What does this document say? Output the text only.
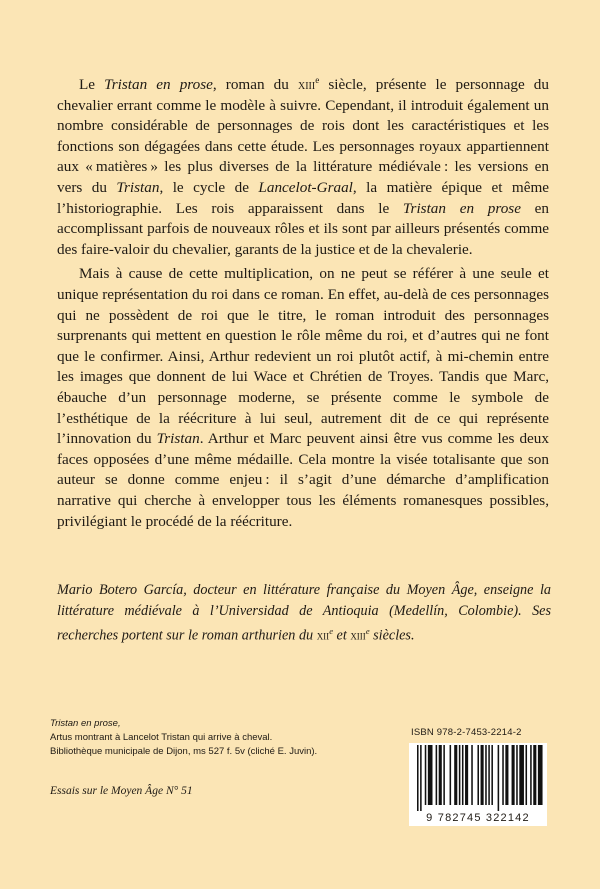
Le Tristan en prose, roman du xiii$^e$ siècle, présente le personnage du chevalier errant comme le modèle à suivre. Cependant, il introduit également un nombre considérable de personnages de rois dont les caractéristiques et les fonctions son dégagées dans cette étude. Les personnages royaux appartiennent aux « matières » les plus diverses de la littérature médiévale : les versions en vers du Tristan, le cycle de Lancelot-Graal, la matière épique et même l’historiographie. Les rois apparaissent dans le Tristan en prose en accomplissant parfois de nouveaux rôles et ils sont par ailleurs présentés comme des faire-valoir du chevalier, garants de la justice et de la chevalerie.

Mais à cause de cette multiplication, on ne peut se référer à une seule et unique représentation du roi dans ce roman. En effet, au-delà de ces personnages qui ne possèdent de roi que le titre, le roman introduit des personnages surprenants qui mettent en question le rôle même du roi, et d’autres qui ne font que le confirmer. Ainsi, Arthur redevient un roi plutôt actif, à mi-chemin entre les images que donnent de lui Wace et Chrétien de Troyes. Tandis que Marc, ébauche d’un personnage moderne, se présente comme le symbole de l’esthétique de la réécriture à lui seul, autrement dit de ce qui représente l’innovation du Tristan. Arthur et Marc peuvent ainsi être vus comme les deux faces opposées d’une même médaille. Cela montre la visée totalisante que son auteur se donne comme enjeu : il s’agit d’une démarche d’amplification narrative qui cherche à envelopper tous les éléments romanesques possibles, privilégiant le procédé de la réécriture.

Mario Botero García, docteur en littérature française du Moyen Âge, enseigne la littérature médiévale à l’Universidad de Antioquia (Medellín, Colombie). Ses recherches portent sur le roman arthurien du xii$^e$ et xiii$^e$ siècles.
Tristan en prose,
Artus montrant à Lancelot Tristan qui arrive à cheval.
Bibliothèque municipale de Dijon, ms 527 f. 5v (cliché E. Juvin).
Essais sur le Moyen Âge N° 51
ISBN 978-2-7453-2214-2
9 782745 322142
